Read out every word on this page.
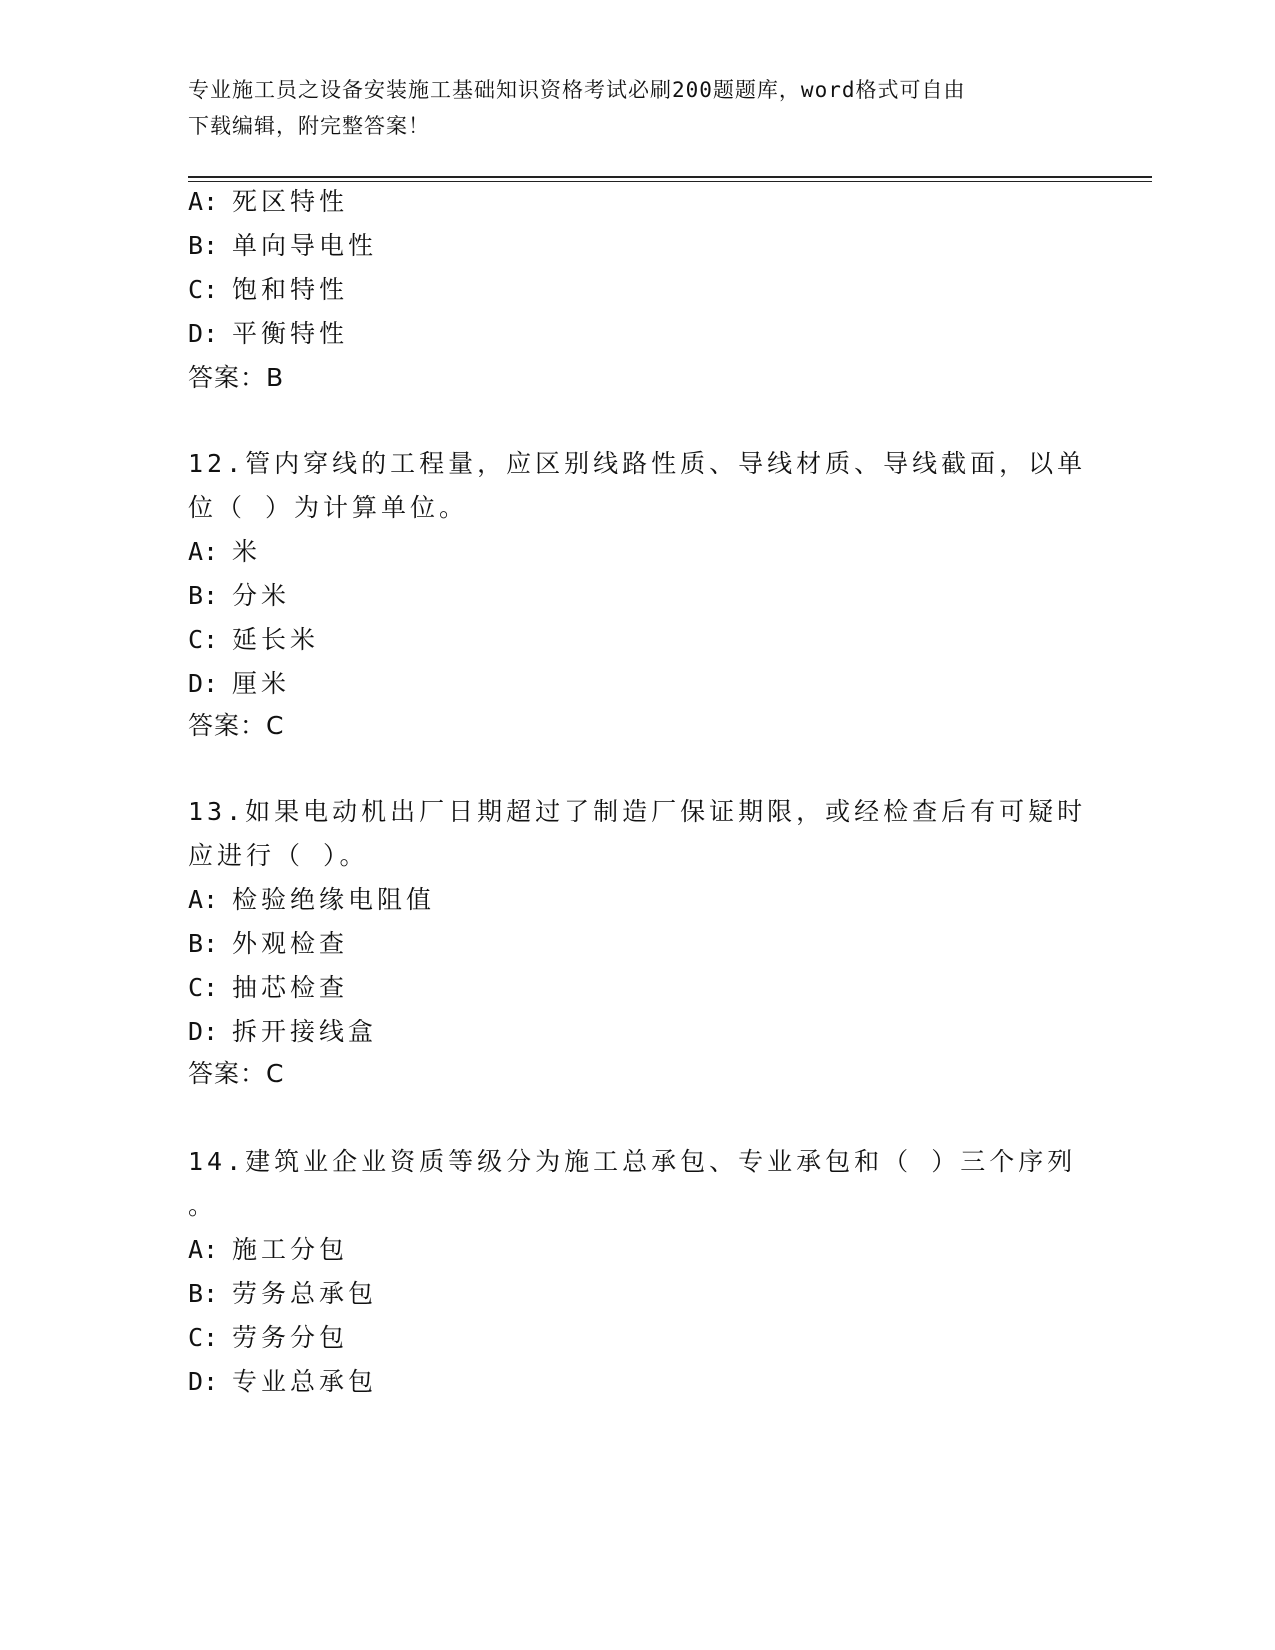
专业施工员之设备安装施工基础知识资格考试必刷200题题库，word格式可自由
下载编辑，附完整答案！
A: 死区特性
B: 单向导电性
C: 饱和特性
D: 平衡特性
答案：B
12.管内穿线的工程量，应区别线路性质、导线材质、导线截面，以单
位（ ）为计算单位。
A: 米
B: 分米
C: 延长米
D: 厘米
答案：C
13.如果电动机出厂日期超过了制造厂保证期限，或经检查后有可疑时
应进行（ ）。
A: 检验绝缘电阻值
B: 外观检查
C: 抽芯检查
D: 拆开接线盒
答案：C
14.建筑业企业资质等级分为施工总承包、专业承包和（ ）三个序列
。
A: 施工分包
B: 劳务总承包
C: 劳务分包
D: 专业总承包
